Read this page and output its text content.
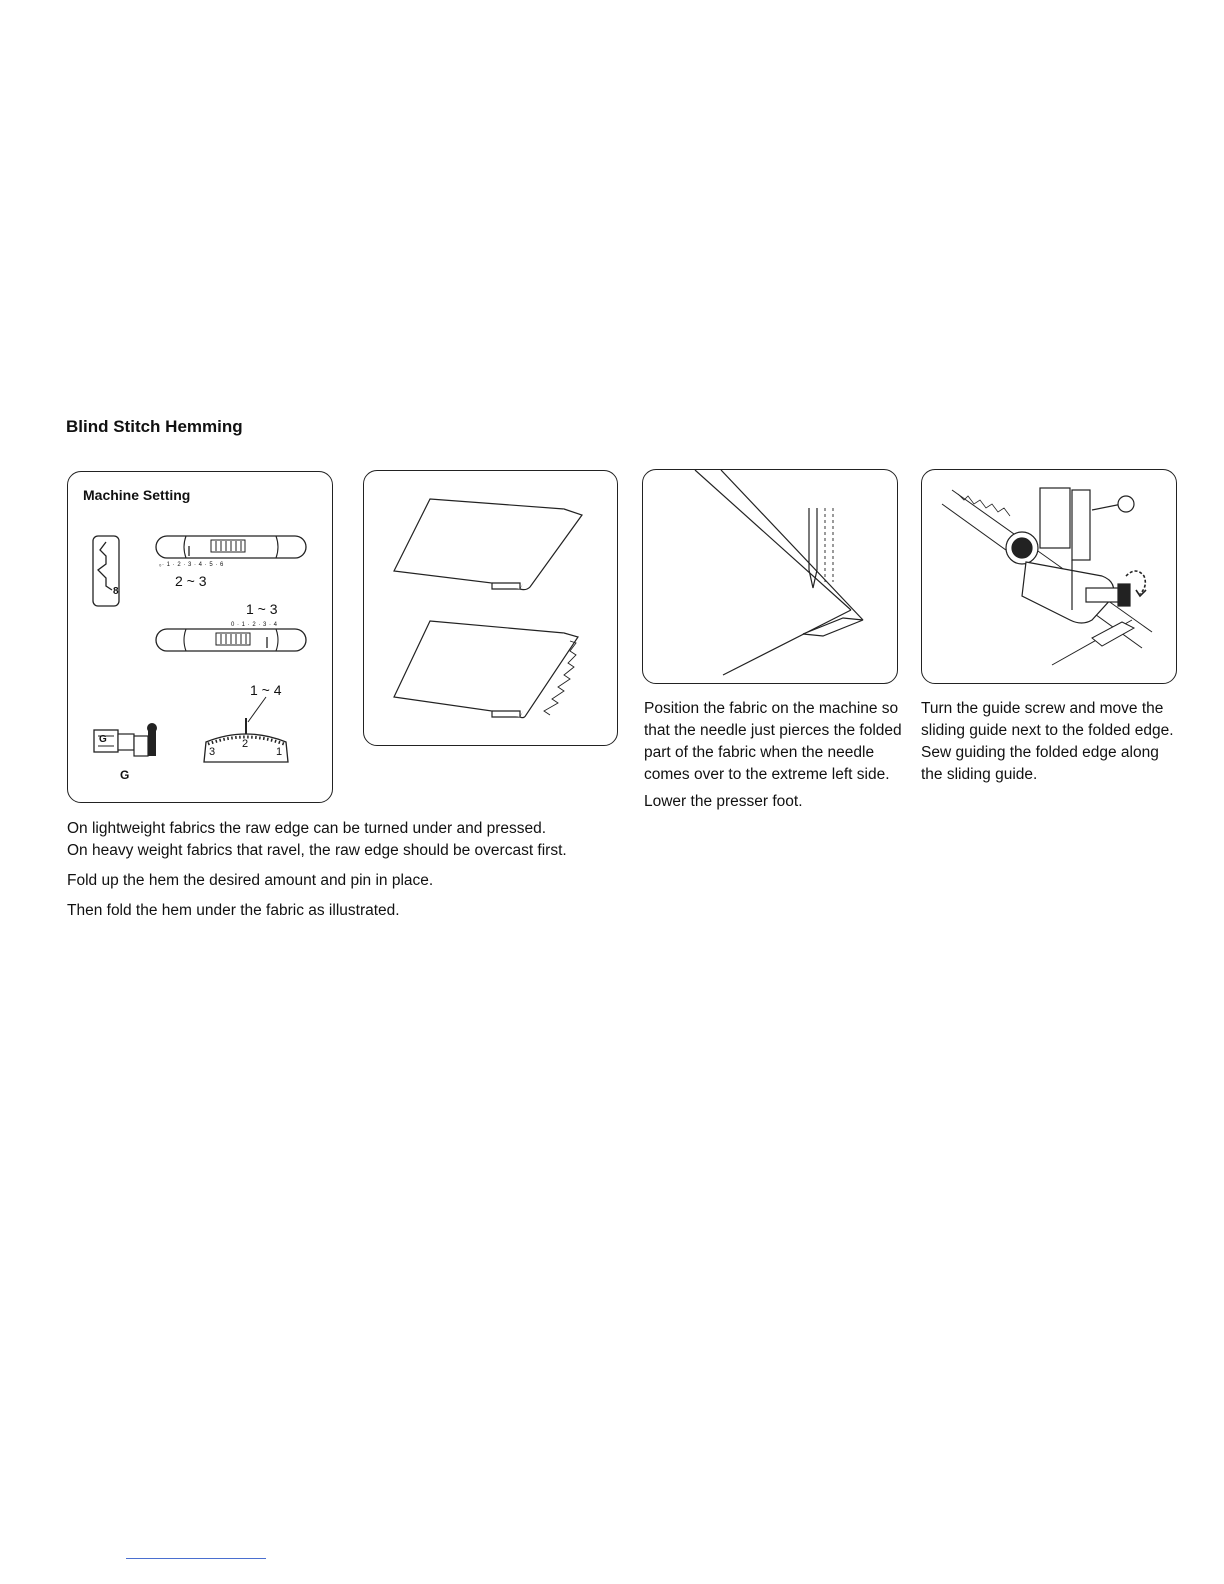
Blind Stitch Hemming
Machine Setting
8
₀· 1 · 2 · 3 · 4 · 5 · 6
2 ~ 3
1 ~ 3
0 · 1 · 2 · 3 · 4
1 ~ 4
3
2
1
G
G

On lightweight fabrics the raw edge can be turned under and pressed.

On heavy weight fabrics that ravel, the raw edge should be overcast first.

Fold up the hem the desired amount and pin in place.

Then fold the hem under the fabric as illustrated.

Position the fabric on the machine so that the needle just pierces the folded part of the fabric when the needle comes over to the extreme left side.

Lower the presser foot.

Turn the guide screw and move the sliding guide next to the folded edge. Sew guiding the folded edge along the sliding guide.
